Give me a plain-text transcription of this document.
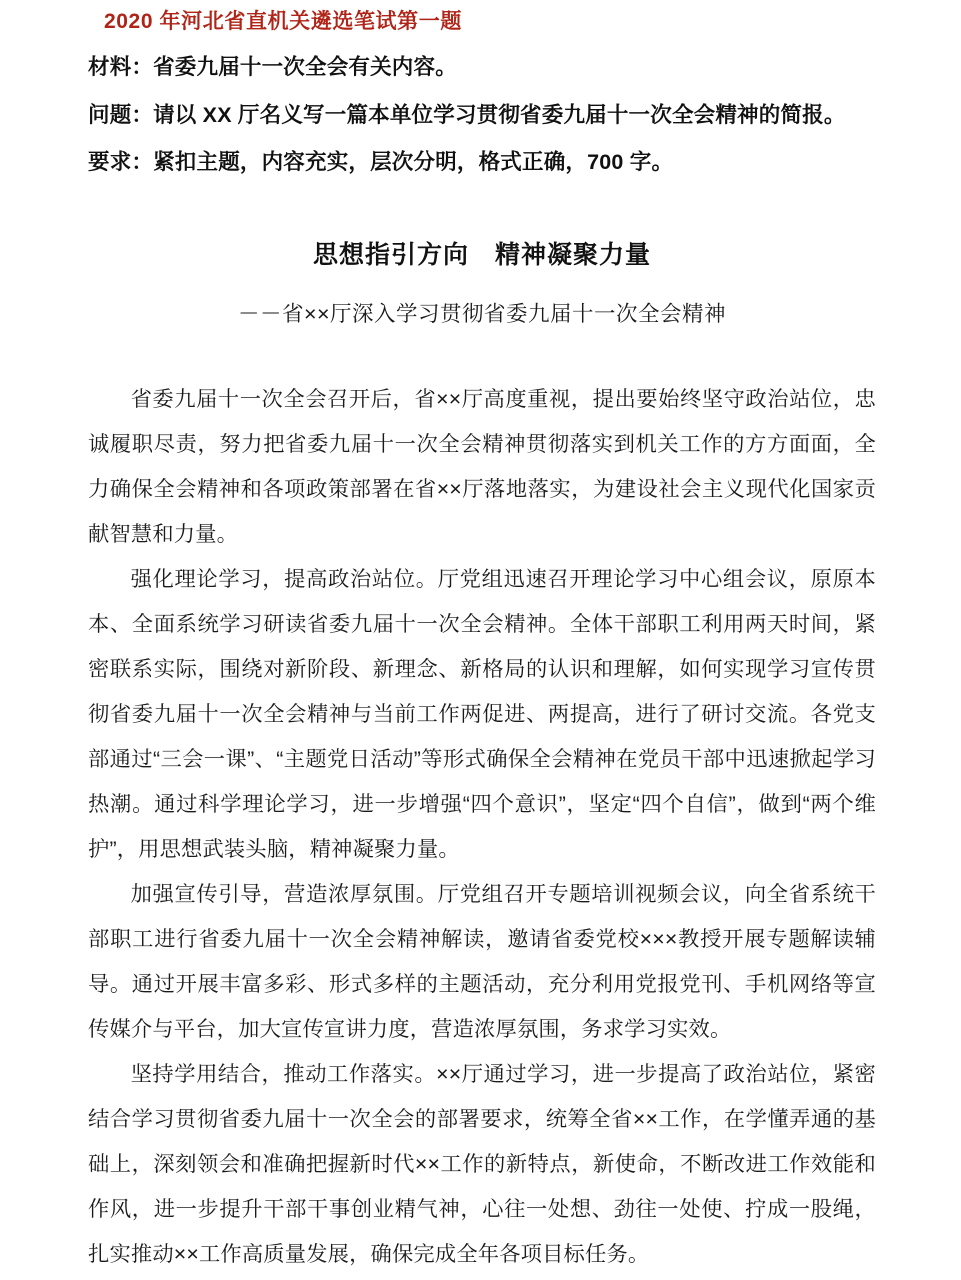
2020 年河北省直机关遴选笔试第一题

材料：省委九届十一次全会有关内容。

问题：请以 XX 厅名义写一篇本单位学习贯彻省委九届十一次全会精神的简报。

要求：紧扣主题，内容充实，层次分明，格式正确，700 字。

思想指引方向　精神凝聚力量

－－省××厅深入学习贯彻省委九届十一次全会精神

省委九届十一次全会召开后，省××厅高度重视，提出要始终坚守政治站位，忠诚履职尽责，努力把省委九届十一次全会精神贯彻落实到机关工作的方方面面，全力确保全会精神和各项政策部署在省××厅落地落实，为建设社会主义现代化国家贡献智慧和力量。

强化理论学习，提高政治站位。厅党组迅速召开理论学习中心组会议，原原本本、全面系统学习研读省委九届十一次全会精神。全体干部职工利用两天时间，紧密联系实际，围绕对新阶段、新理念、新格局的认识和理解，如何实现学习宣传贯彻省委九届十一次全会精神与当前工作两促进、两提高，进行了研讨交流。各党支部通过“三会一课”、“主题党日活动”等形式确保全会精神在党员干部中迅速掀起学习热潮。通过科学理论学习，进一步增强“四个意识”，坚定“四个自信”，做到“两个维护”，用思想武装头脑，精神凝聚力量。

加强宣传引导，营造浓厚氛围。厅党组召开专题培训视频会议，向全省系统干部职工进行省委九届十一次全会精神解读，邀请省委党校×××教授开展专题解读辅导。通过开展丰富多彩、形式多样的主题活动，充分利用党报党刊、手机网络等宣传媒介与平台，加大宣传宣讲力度，营造浓厚氛围，务求学习实效。

坚持学用结合，推动工作落实。××厅通过学习，进一步提高了政治站位，紧密结合学习贯彻省委九届十一次全会的部署要求，统筹全省××工作，在学懂弄通的基础上，深刻领会和准确把握新时代××工作的新特点，新使命，不断改进工作效能和作风，进一步提升干部干事创业精气神，心往一处想、劲往一处使、拧成一股绳，扎实推动××工作高质量发展，确保完成全年各项目标任务。
